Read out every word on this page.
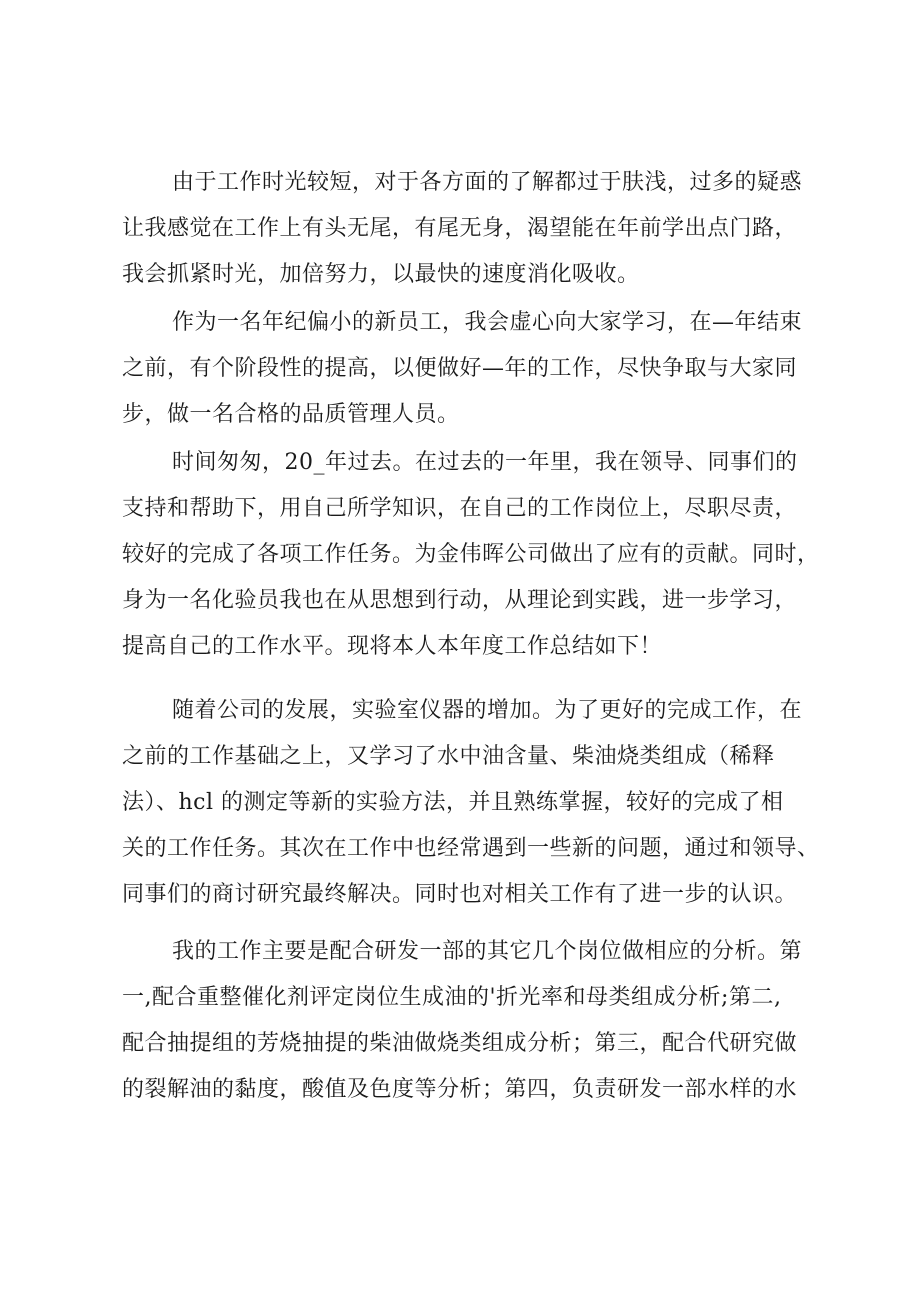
由于工作时光较短，对于各方面的了解都过于肤浅，过多的疑惑
让我感觉在工作上有头无尾，有尾无身，渴望能在年前学出点门路，
我会抓紧时光，加倍努力，以最快的速度消化吸收。
作为一名年纪偏小的新员工，我会虚心向大家学习，在—年结束
之前，有个阶段性的提高，以便做好—年的工作，尽快争取与大家同
步，做一名合格的品质管理人员。
时间匆匆，20_年过去。在过去的一年里，我在领导、同事们的
支持和帮助下，用自己所学知识，在自己的工作岗位上，尽职尽责，
较好的完成了各项工作任务。为金伟晖公司做出了应有的贡献。同时，
身为一名化验员我也在从思想到行动，从理论到实践，进一步学习，
提高自己的工作水平。现将本人本年度工作总结如下！
随着公司的发展，实验室仪器的增加。为了更好的完成工作，在
之前的工作基础之上，又学习了水中油含量、柴油烧类组成（稀释
法）、hcl 的测定等新的实验方法，并且熟练掌握，较好的完成了相
关的工作任务。其次在工作中也经常遇到一些新的问题，通过和领导、
同事们的商讨研究最终解决。同时也对相关工作有了进一步的认识。
我的工作主要是配合研发一部的其它几个岗位做相应的分析。第
一,配合重整催化剂评定岗位生成油的'折光率和母类组成分析;第二,
配合抽提组的芳烧抽提的柴油做烧类组成分析；第三，配合代研究做
的裂解油的黏度，酸值及色度等分析；第四，负责研发一部水样的水
